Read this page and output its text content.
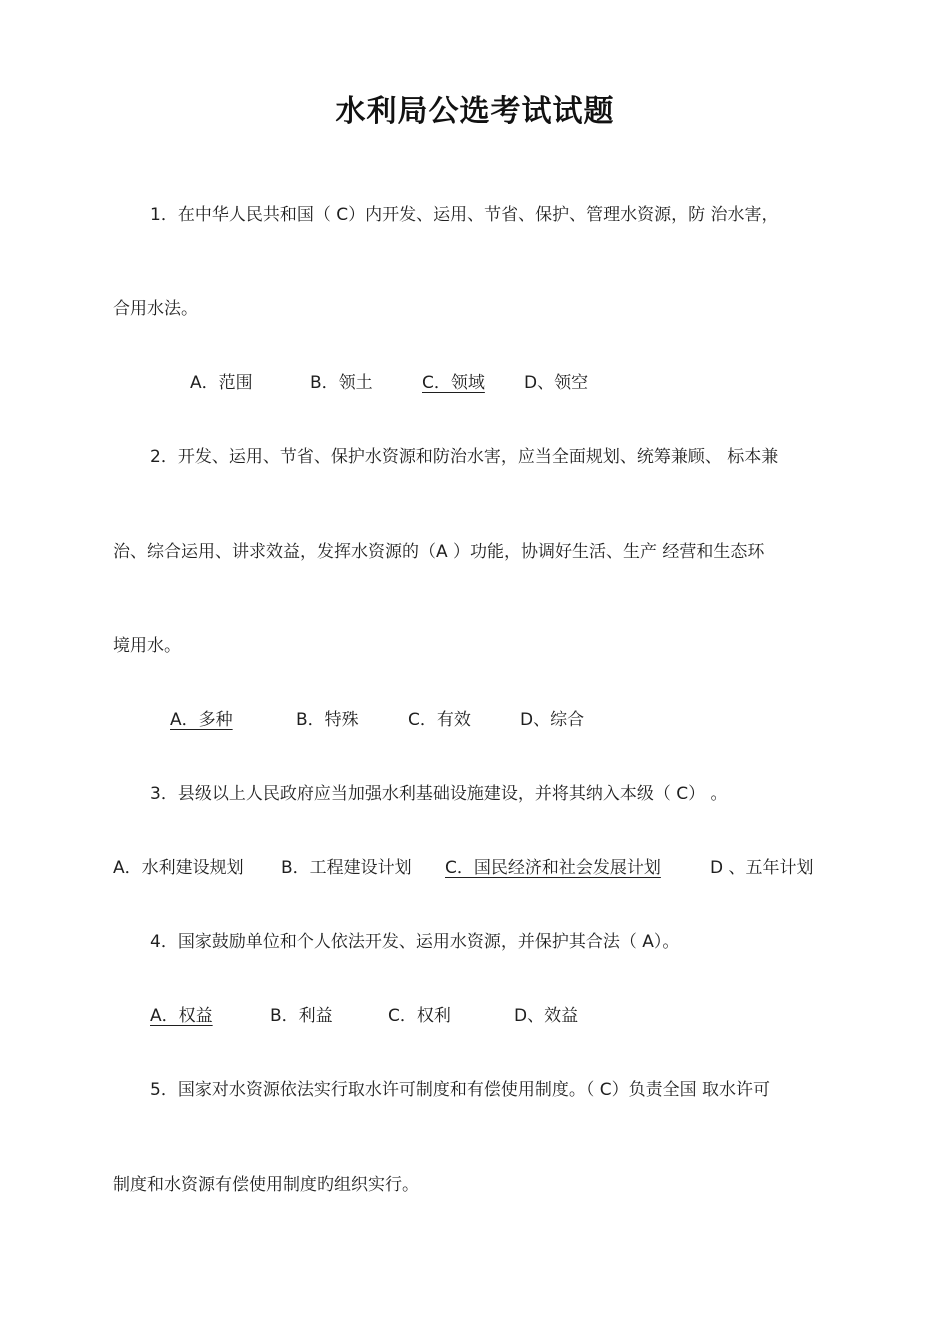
水利局公选考试试题
1．在中华人民共和国（ C）内开发、运用、节省、保护、管理水资源，防 治水害，
合用水法。
A．范围	B．领土	C．领域 D、领空
2．开发、运用、节省、保护水资源和防治水害，应当全面规划、统筹兼顾、 标本兼
治、综合运用、讲求效益，发挥水资源的（A ）功能，协调好生活、生产 经营和生态环
境用水。
A．多种	B．特殊	C．有效	D、综合
3．县级以上人民政府应当加强水利基础设施建设，并将其纳入本级（ C） 。
A．水利建设规划 B．工程建设计划 C．国民经济和社会发展计划	D 、五年计划
4．国家鼓励单位和个人依法开发、运用水资源，并保护其合法（ A）。
A．权益	B．利益	C．权利	D、效益
5．国家对水资源依法实行取水许可制度和有偿使用制度。（ C）负责全国 取水许可
制度和水资源有偿使用制度旳组织实行。
